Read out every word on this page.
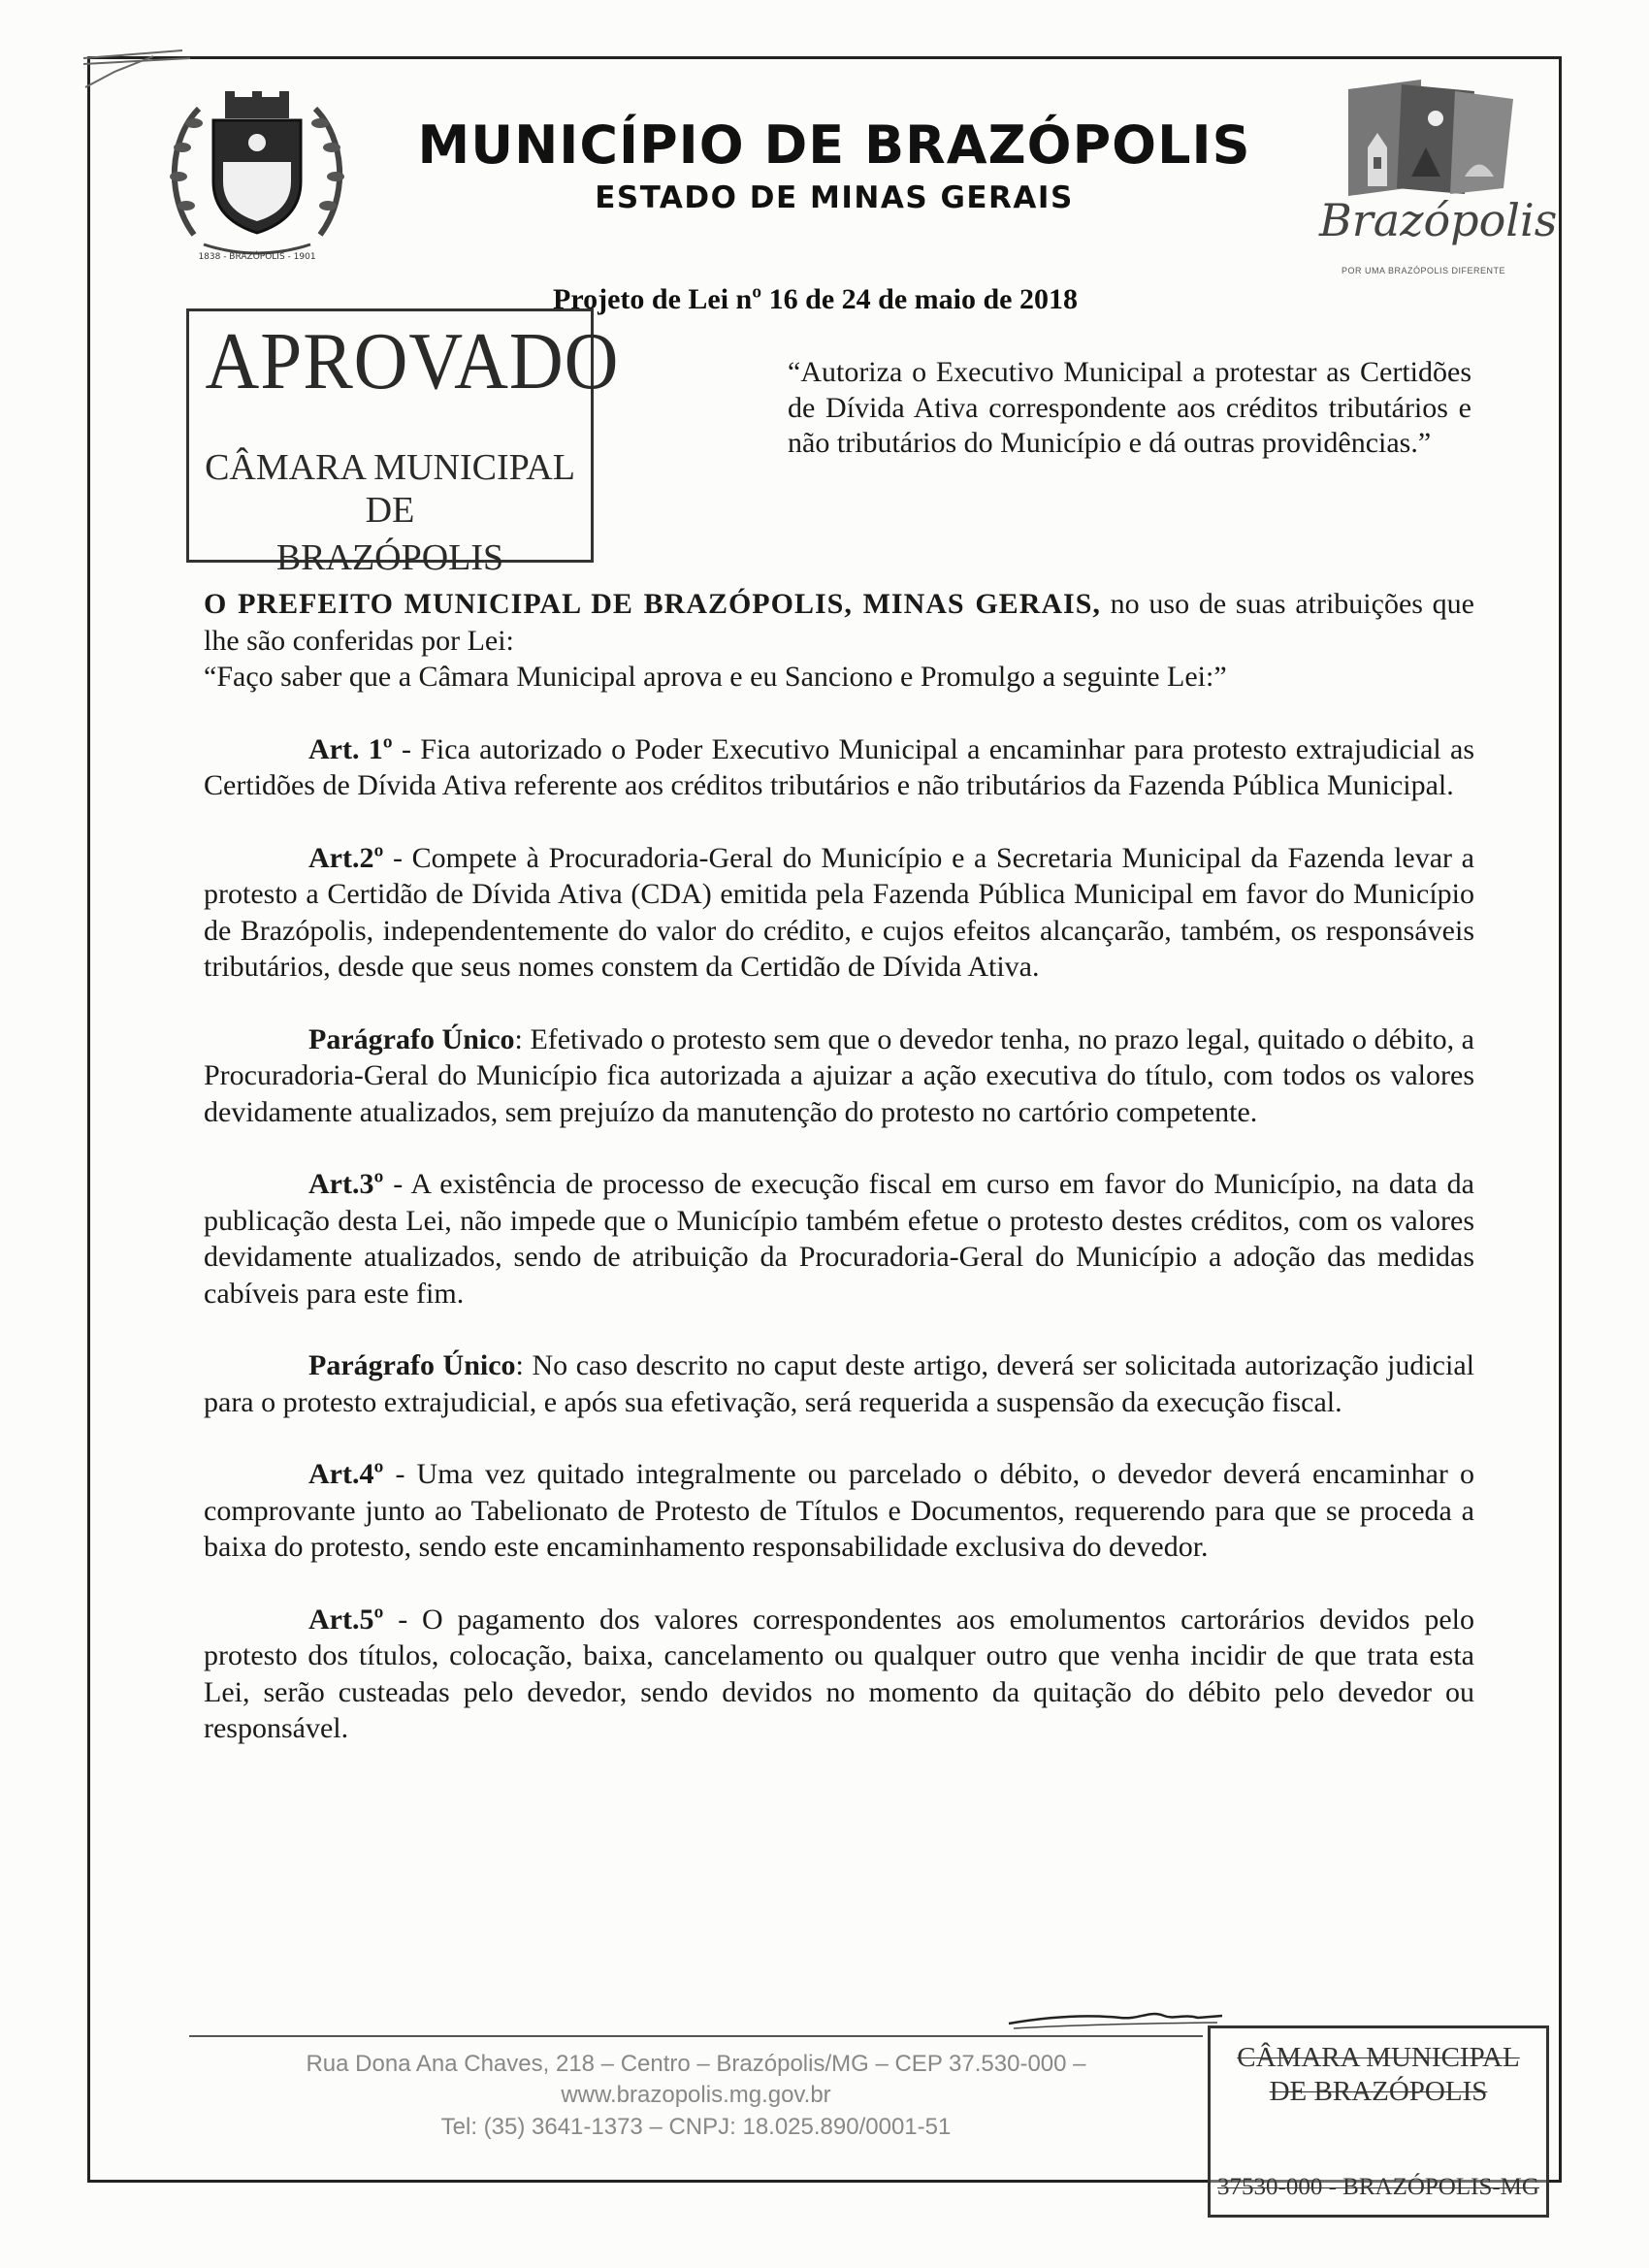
1838 - BRAZÓPOLIS - 1901
MUNICÍPIO DE BRAZÓPOLIS
ESTADO DE MINAS GERAIS	Brazópolis
POR UMA BRAZÓPOLIS DIFERENTE
Projeto de Lei nº 16 de 24 de maio de 2018
APROVADO
CÂMARA MUNICIPAL DE
BRAZÓPOLIS
“Autoriza o Executivo Municipal a protestar as Certidões de Dívida Ativa correspondente aos créditos tributários e não tributários do Município e dá outras providências.”

O PREFEITO MUNICIPAL DE BRAZÓPOLIS, MINAS GERAIS, no uso de suas atribuições que lhe são conferidas por Lei:

“Faço saber que a Câmara Municipal aprova e eu Sanciono e Promulgo a seguinte Lei:”

Art. 1º - Fica autorizado o Poder Executivo Municipal a encaminhar para protesto extrajudicial as Certidões de Dívida Ativa referente aos créditos tributários e não tributários da Fazenda Pública Municipal.

Art.2º - Compete à Procuradoria-Geral do Município e a Secretaria Municipal da Fazenda levar a protesto a Certidão de Dívida Ativa (CDA) emitida pela Fazenda Pública Municipal em favor do Município de Brazópolis, independentemente do valor do crédito, e cujos efeitos alcançarão, também, os responsáveis tributários, desde que seus nomes constem da Certidão de Dívida Ativa.

Parágrafo Único: Efetivado o protesto sem que o devedor tenha, no prazo legal, quitado o débito, a Procuradoria-Geral do Município fica autorizada a ajuizar a ação executiva do título, com todos os valores devidamente atualizados, sem prejuízo da manutenção do protesto no cartório competente.

Art.3º - A existência de processo de execução fiscal em curso em favor do Município, na data da publicação desta Lei, não impede que o Município também efetue o protesto destes créditos, com os valores devidamente atualizados, sendo de atribuição da Procuradoria-Geral do Município a adoção das medidas cabíveis para este fim.

Parágrafo Único: No caso descrito no caput deste artigo, deverá ser solicitada autorização judicial para o protesto extrajudicial, e após sua efetivação, será requerida a suspensão da execução fiscal.

Art.4º - Uma vez quitado integralmente ou parcelado o débito, o devedor deverá encaminhar o comprovante junto ao Tabelionato de Protesto de Títulos e Documentos, requerendo para que se proceda a baixa do protesto, sendo este encaminhamento responsabilidade exclusiva do devedor.

Art.5º - O pagamento dos valores correspondentes aos emolumentos cartorários devidos pelo protesto dos títulos, colocação, baixa, cancelamento ou qualquer outro que venha incidir de que trata esta Lei, serão custeadas pelo devedor, sendo devidos no momento da quitação do débito pelo devedor ou responsável.

Rua Dona Ana Chaves, 218 – Centro – Brazópolis/MG – CEP 37.530-000 – www.brazopolis.mg.gov.br
Tel: (35) 3641-1373 – CNPJ: 18.025.890/0001-51
CÂMARA MUNICIPAL
DE BRAZÓPOLIS
37530-000 - BRAZÓPOLIS-MG
